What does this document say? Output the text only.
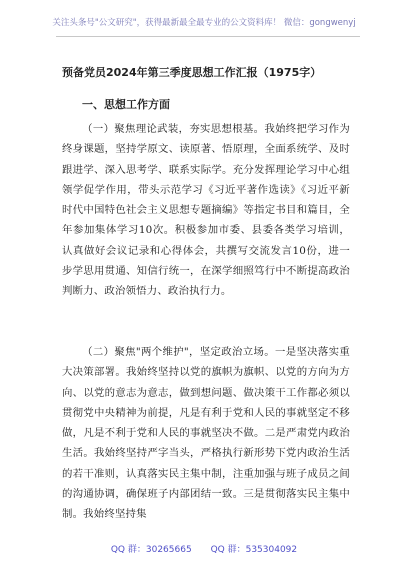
关注头条号"公文研究"，获得最新最全最专业的公文资料库！ 微信：gongwenyj
预备党员2024年第三季度思想工作汇报（1975字）
一、思想工作方面
（一）聚焦理论武装，夯实思想根基。我始终把学习作为终身课题，坚持学原文、读原著、悟原理，全面系统学、及时跟进学、深入思考学、联系实际学。充分发挥理论学习中心组领学促学作用，带头示范学习《习近平著作选读》《习近平新时代中国特色社会主义思想专题摘编》等指定书目和篇目，全年参加集体学习10次。积极参加市委、县委各类学习培训，认真做好会议记录和心得体会，共撰写交流发言10份，进一步学思用贯通、知信行统一，在深学细照笃行中不断提高政治判断力、政治领悟力、政治执行力。
（二）聚焦"两个维护"，坚定政治立场。一是坚决落实重大决策部署。我始终坚持以党的旗帜为旗帜、以党的方向为方向、以党的意志为意志，做到想问题、做决策干工作都必须以贯彻党中央精神为前提，凡是有利于党和人民的事就坚定不移做，凡是不利于党和人民的事就坚决不做。二是严肃党内政治生活。我始终坚持严字当头，严格执行新形势下党内政治生活的若干准则，认真落实民主集中制，注重加强与班子成员之间的沟通协调，确保班子内部团结一致。三是贯彻落实民主集中制。我始终坚持集
QQ 群：30265665 QQ 群：535304092
